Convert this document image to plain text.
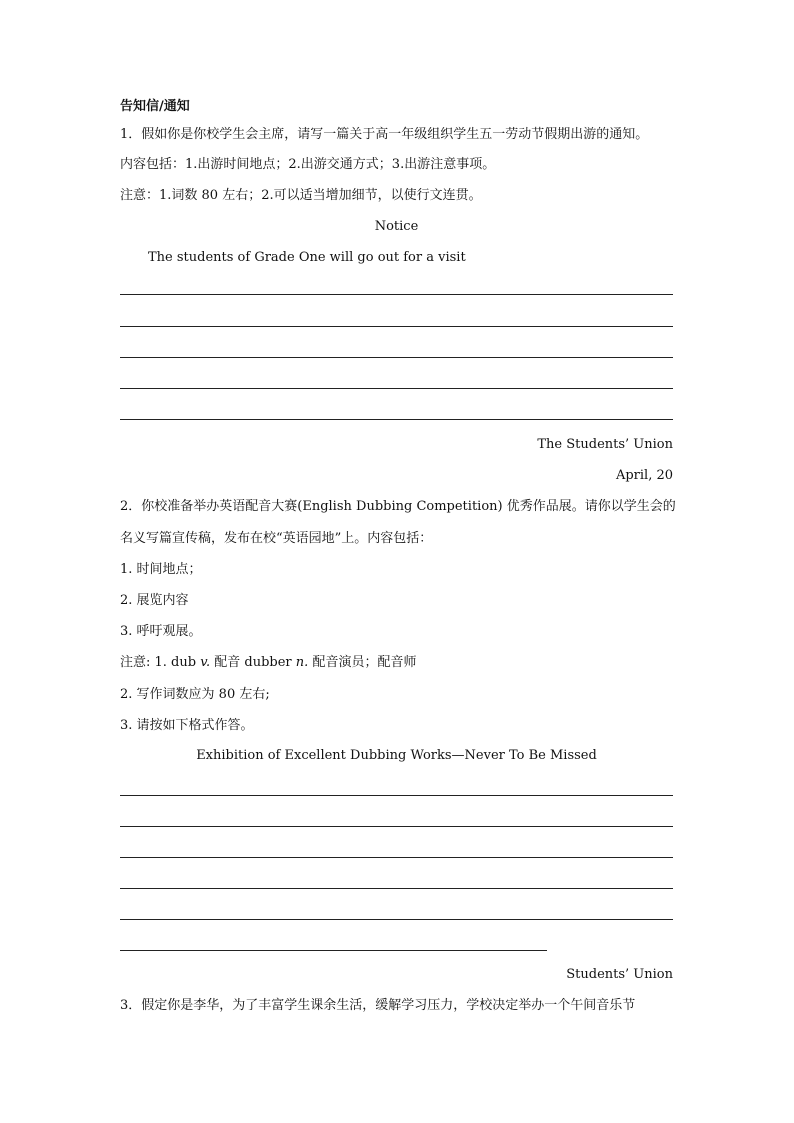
告知信/通知
1．假如你是你校学生会主席，请写一篇关于高一年级组织学生五一劳动节假期出游的通知。
内容包括：1.出游时间地点；2.出游交通方式；3.出游注意事项。
注意：1.词数 80 左右；2.可以适当增加细节，以使行文连贯。
Notice
The students of Grade One will go out for a visit
The Students’ Union
April, 20
2．你校准备举办英语配音大赛(English Dubbing Competition) 优秀作品展。请你以学生会的
名义写篇宣传稿，发布在校“英语园地”上。内容包括：
1. 时间地点；
2. 展览内容
3. 呼吁观展。
注意: 1. dub v. 配音 dubber n. 配音演员；配音师
2. 写作词数应为 80 左右;
3. 请按如下格式作答。
Exhibition of Excellent Dubbing Works—Never To Be Missed
Students’ Union
3．假定你是李华，为了丰富学生课余生活，缓解学习压力，学校决定举办一个午间音乐节
